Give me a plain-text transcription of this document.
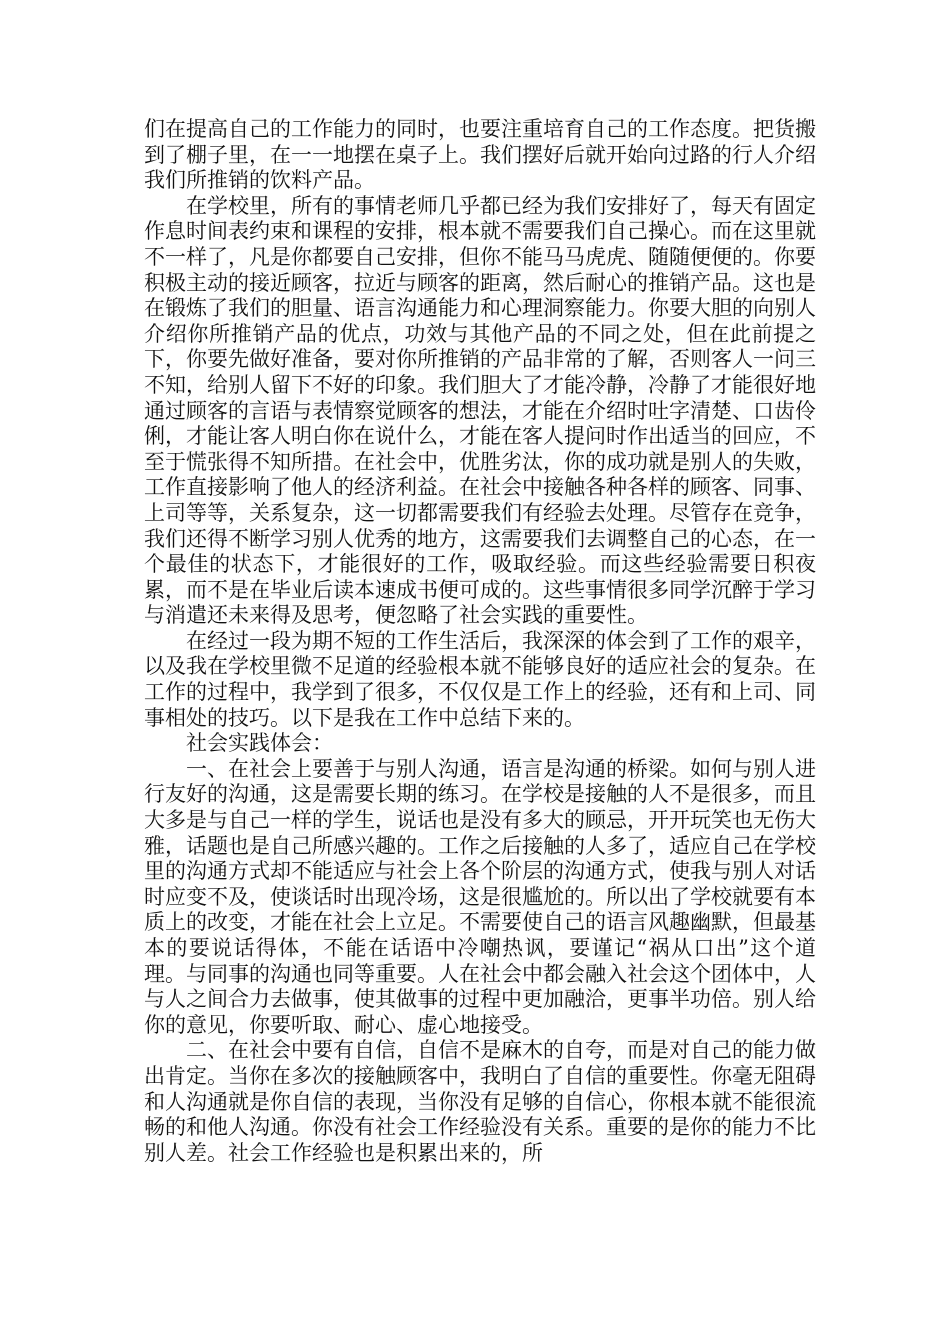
们在提高自己的工作能力的同时，也要注重培育自己的工作态度。把货搬到了棚子里，在一一地摆在桌子上。我们摆好后就开始向过路的行人介绍我们所推销的饮料产品。

在学校里，所有的事情老师几乎都已经为我们安排好了，每天有固定作息时间表约束和课程的安排，根本就不需要我们自己操心。而在这里就不一样了，凡是你都要自己安排，但你不能马马虎虎、随随便便的。你要积极主动的接近顾客，拉近与顾客的距离，然后耐心的推销产品。这也是在锻炼了我们的胆量、语言沟通能力和心理洞察能力。你要大胆的向别人介绍你所推销产品的优点，功效与其他产品的不同之处，但在此前提之下，你要先做好准备，要对你所推销的产品非常的了解，否则客人一问三不知，给别人留下不好的印象。我们胆大了才能冷静，冷静了才能很好地通过顾客的言语与表情察觉顾客的想法，才能在介绍时吐字清楚、口齿伶俐，才能让客人明白你在说什么，才能在客人提问时作出适当的回应，不至于慌张得不知所措。在社会中，优胜劣汰，你的成功就是别人的失败，工作直接影响了他人的经济利益。在社会中接触各种各样的顾客、同事、上司等等，关系复杂，这一切都需要我们有经验去处理。尽管存在竞争，我们还得不断学习别人优秀的地方，这需要我们去调整自己的心态，在一个最佳的状态下，才能很好的工作，吸取经验。而这些经验需要日积夜累，而不是在毕业后读本速成书便可成的。这些事情很多同学沉醉于学习与消遣还未来得及思考，便忽略了社会实践的重要性。

在经过一段为期不短的工作生活后，我深深的体会到了工作的艰辛，以及我在学校里微不足道的经验根本就不能够良好的适应社会的复杂。在工作的过程中，我学到了很多，不仅仅是工作上的经验，还有和上司、同事相处的技巧。以下是我在工作中总结下来的。

社会实践体会：

一、在社会上要善于与别人沟通，语言是沟通的桥梁。如何与别人进行友好的沟通，这是需要长期的练习。在学校是接触的人不是很多，而且大多是与自己一样的学生，说话也是没有多大的顾忌，开开玩笑也无伤大雅，话题也是自己所感兴趣的。工作之后接触的人多了，适应自己在学校里的沟通方式却不能适应与社会上各个阶层的沟通方式，使我与别人对话时应变不及，使谈话时出现冷场，这是很尴尬的。所以出了学校就要有本质上的改变，才能在社会上立足。不需要使自己的语言风趣幽默，但最基本的要说话得体，不能在话语中冷嘲热讽，要谨记“祸从口出”这个道理。与同事的沟通也同等重要。人在社会中都会融入社会这个团体中，人与人之间合力去做事，使其做事的过程中更加融洽，更事半功倍。别人给你的意见，你要听取、耐心、虚心地接受。

二、在社会中要有自信，自信不是麻木的自夸，而是对自己的能力做出肯定。当你在多次的接触顾客中，我明白了自信的重要性。你毫无阻碍和人沟通就是你自信的表现，当你没有足够的自信心，你根本就不能很流畅的和他人沟通。你没有社会工作经验没有关系。重要的是你的能力不比别人差。社会工作经验也是积累出来的，所
